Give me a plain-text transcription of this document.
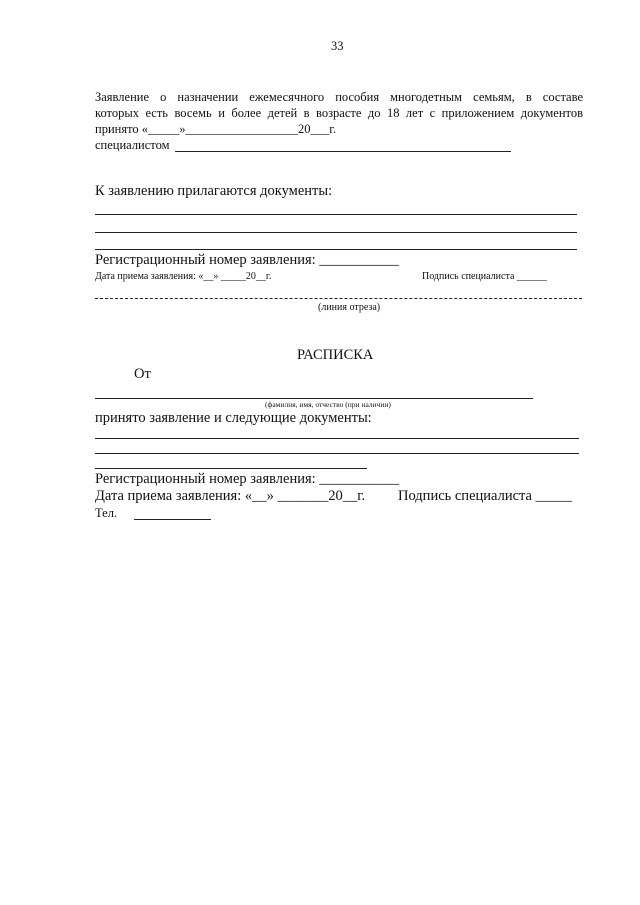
33
Заявление о назначении ежемесячного пособия многодетным семьям, в составе
которых есть восемь и более детей в возрасте до 18 лет с приложением документов
принято «_____»__________________20___г.
специалистом
К заявлению прилагаются документы:
Регистрационный номер заявления: ___________
Дата приема заявления: «__» _____20__г.	Подпись специалиста ______
(линия отреза)
РАСПИСКА
От
(фамилия, имя, отчество (при наличии)
принято заявление и следующие документы:
Регистрационный номер заявления: ___________
Дата приема заявления: «__» _______20__г. Подпись специалиста _____
Тел.
